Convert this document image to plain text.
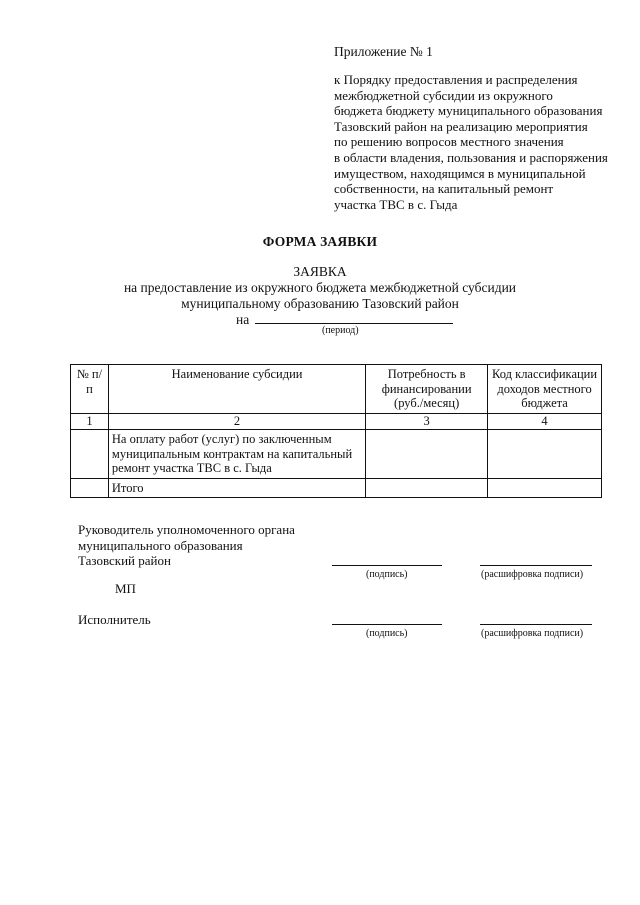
Приложение № 1
к Порядку предоставления и распределения
межбюджетной субсидии из окружного
бюджета бюджету муниципального образования
Тазовский район на реализацию мероприятия
по решению вопросов местного значения
в области владения, пользования и распоряжения
имуществом, находящимся в муниципальной
собственности, на капитальный ремонт
участка ТВС в с. Гыда
ФОРМА ЗАЯВКИ
ЗАЯВКА
на предоставление из окружного бюджета межбюджетной субсидии
муниципальному образованию Тазовский район
на
(период)
№ п/п	Наименование субсидии	Потребность в финансировании (руб./месяц)	Код классификации доходов местного бюджета
1	2	3	4
	На оплату работ (услуг) по заключенным муниципальным контрактам на капитальный ремонт участка ТВС в с. Гыда		
	Итого		
Руководитель уполномоченного органа
муниципального образования
Тазовский район
(подпись)	(расшифровка подписи)
МП
Исполнитель
(подпись)	(расшифровка подписи)
